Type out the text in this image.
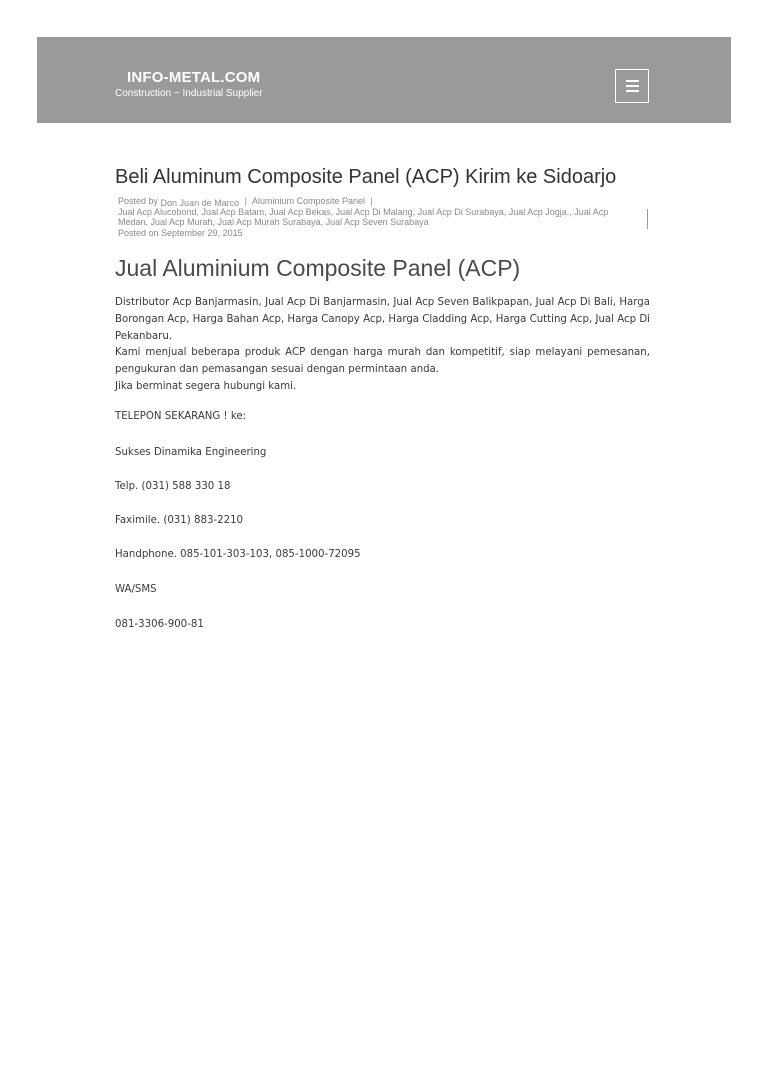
INFO-METAL.COM
Construction ~ Industrial Supplier
Beli Aluminum Composite Panel (ACP) Kirim ke Sidoarjo
Posted by Don Juan de Marco | Aluminium Composite Panel |
Jual Acp Alucobond, Jual Acp Batam, Jual Acp Bekas, Jual Acp Di Malang, Jual Acp Di Surabaya, Jual Acp Jogja., Jual Acp Medan, Jual Acp Murah, Jual Acp Murah Surabaya, Jual Acp Seven Surabaya
Posted on September 29, 2015
Jual Aluminium Composite Panel (ACP)

Distributor Acp Banjarmasin, Jual Acp Di Banjarmasin, Jual Acp Seven Balikpapan, Jual Acp Di Bali, Harga Borongan Acp, Harga Bahan Acp, Harga Canopy Acp, Harga Cladding Acp, Harga Cutting Acp, Jual Acp Di Pekanbaru.

Kami menjual beberapa produk ACP dengan harga murah dan kompetitif, siap melayani pemesanan, pengukuran dan pemasangan sesuai dengan permintaan anda.

Jika berminat segera hubungi kami.

TELEPON SEKARANG ! ke:
Sukses Dinamika Engineering
Telp. (031) 588 330 18
Faximile. (031) 883-2210
Handphone. 085-101-303-103, 085-1000-72095
WA/SMS
081-3306-900-81
